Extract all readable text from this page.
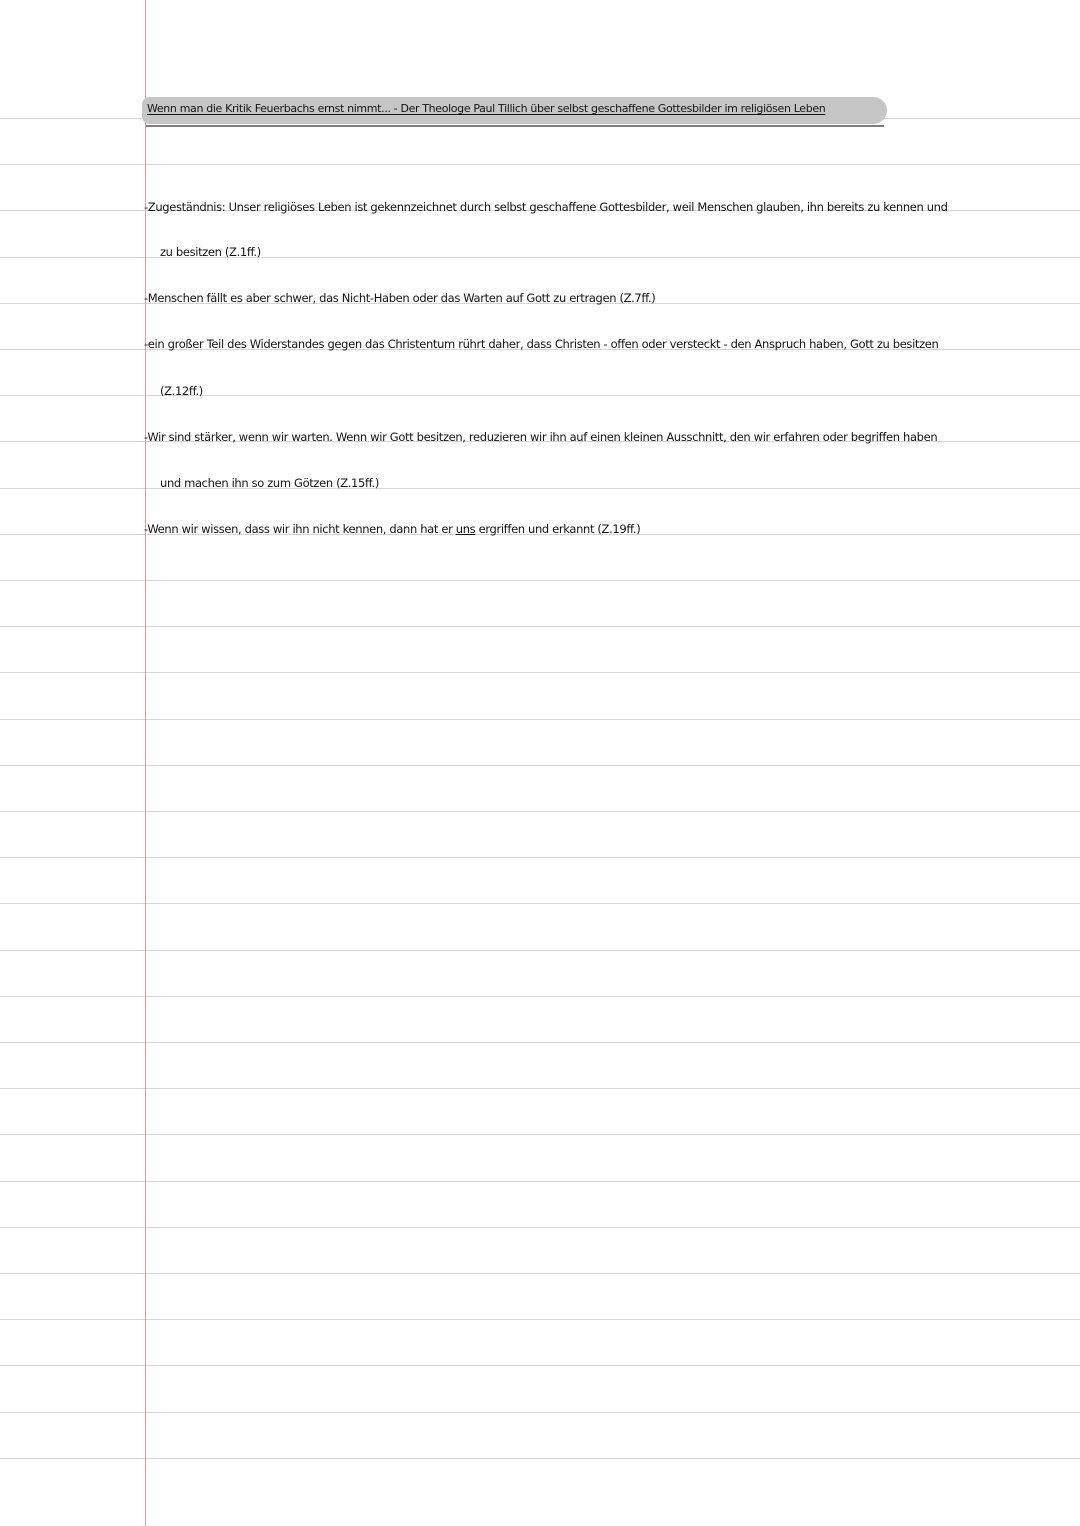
Wenn man die Kritik Feuerbachs ernst nimmt... - Der Theologe Paul Tillich über selbst geschaffene Gottesbilder im religiösen Leben
-Zugeständnis: Unser religiöses Leben ist gekennzeichnet durch selbst geschaffene Gottesbilder, weil Menschen glauben, ihn bereits zu kennen und
zu besitzen (Z.1ff.)
-Menschen fällt es aber schwer, das Nicht-Haben oder das Warten auf Gott zu ertragen (Z.7ff.)
-ein großer Teil des Widerstandes gegen das Christentum rührt daher, dass Christen - offen oder versteckt - den Anspruch haben, Gott zu besitzen
(Z.12ff.)
-Wir sind stärker, wenn wir warten. Wenn wir Gott besitzen, reduzieren wir ihn auf einen kleinen Ausschnitt, den wir erfahren oder begriffen haben
und machen ihn so zum Götzen (Z.15ff.)
-Wenn wir wissen, dass wir ihn nicht kennen, dann hat er uns ergriffen und erkannt (Z.19ff.)
